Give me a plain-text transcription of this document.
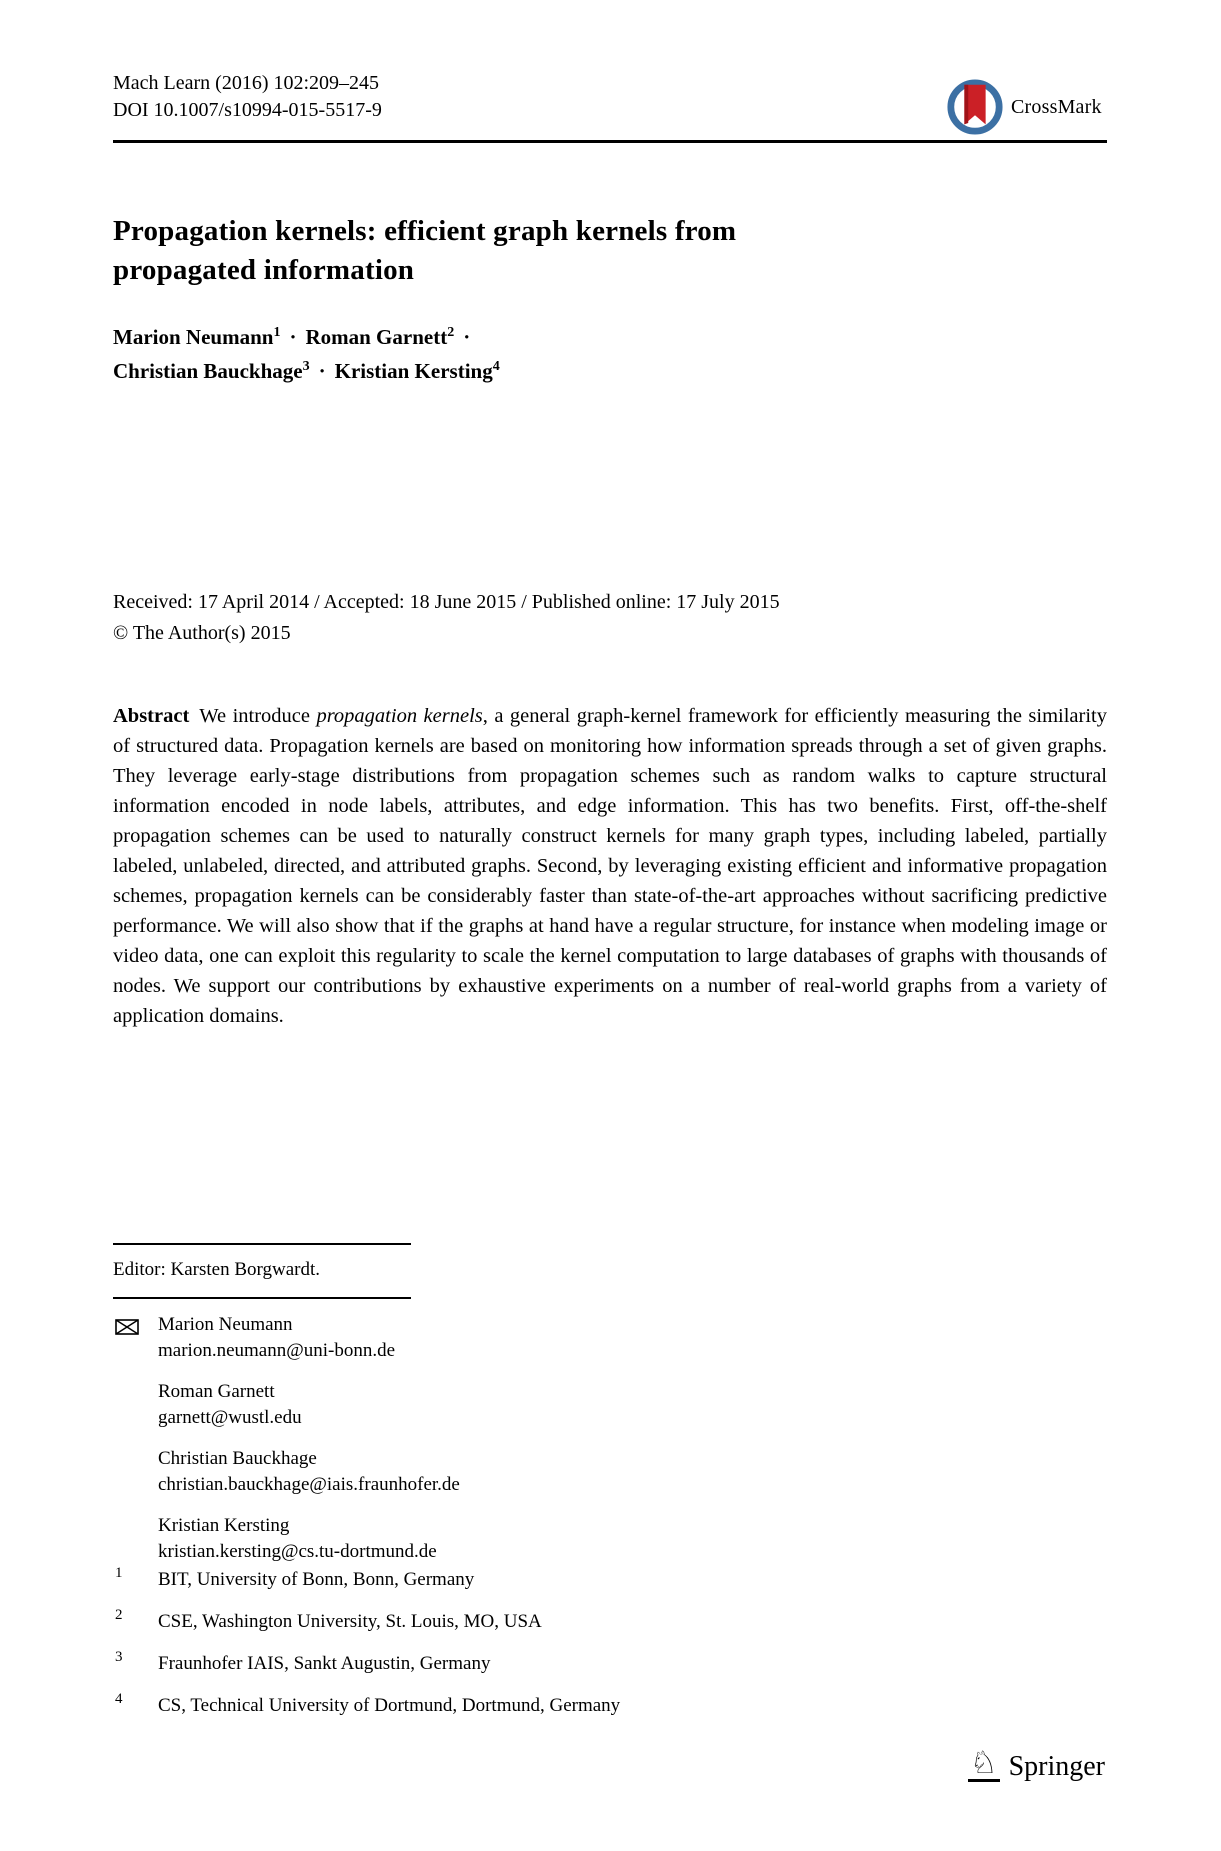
Mach Learn (2016) 102:209–245
DOI 10.1007/s10994-015-5517-9	CrossMark
Propagation kernels: efficient graph kernels from
propagated information
Marion Neumann$^1$ · Roman Garnett$^2$ ·
Christian Bauckhage$^3$ · Kristian Kersting$^4$
Received: 17 April 2014 / Accepted: 18 June 2015 / Published online: 17 July 2015
© The Author(s) 2015
Abstract We introduce propagation kernels, a general graph-kernel framework for efficiently measuring the similarity of structured data. Propagation kernels are based on monitoring how information spreads through a set of given graphs. They leverage early-stage distributions from propagation schemes such as random walks to capture structural information encoded in node labels, attributes, and edge information. This has two benefits. First, off-the-shelf propagation schemes can be used to naturally construct kernels for many graph types, including labeled, partially labeled, unlabeled, directed, and attributed graphs. Second, by leveraging existing efficient and informative propagation schemes, propagation kernels can be considerably faster than state-of-the-art approaches without sacrificing predictive performance. We will also show that if the graphs at hand have a regular structure, for instance when modeling image or video data, one can exploit this regularity to scale the kernel computation to large databases of graphs with thousands of nodes. We support our contributions by exhaustive experiments on a number of real-world graphs from a variety of application domains.
Editor: Karsten Borgwardt.
Marion Neumann
marion.neumann@uni-bonn.de
Roman Garnett
garnett@wustl.edu
Christian Bauckhage
christian.bauckhage@iais.fraunhofer.de
Kristian Kersting
kristian.kersting@cs.tu-dortmund.de
1 BIT, University of Bonn, Bonn, Germany
2 CSE, Washington University, St. Louis, MO, USA
3 Fraunhofer IAIS, Sankt Augustin, Germany
4 CS, Technical University of Dortmund, Dortmund, Germany
♘ Springer
